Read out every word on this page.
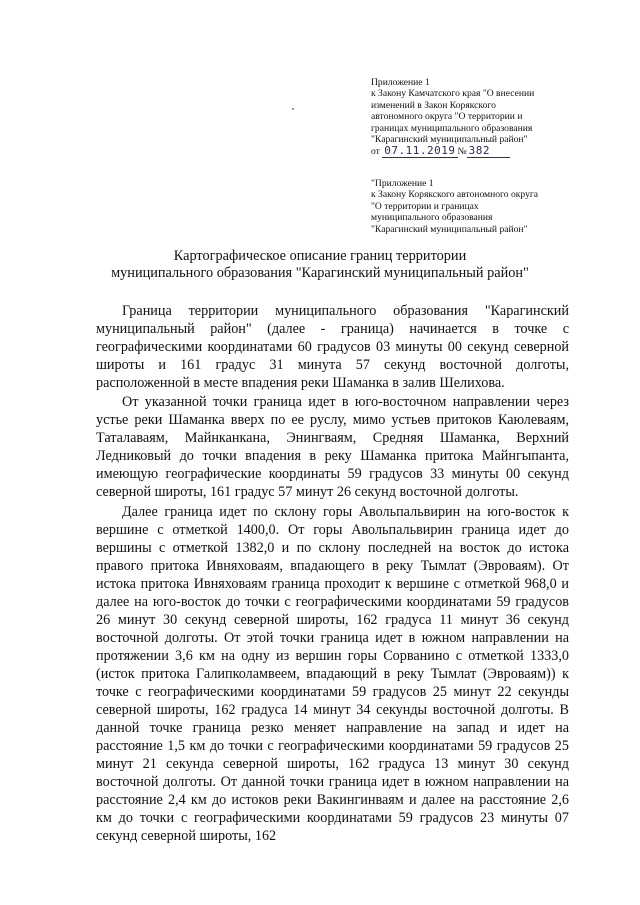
Приложение 1
к Закону Камчатского края "О внесении
изменений в Закон Корякского
автономного округа "О территории и
границах муниципального образования
"Карагинский муниципальный район"
от 07.11.2019 № 382
"Приложение 1
к Закону Корякского автономного округа
"О территории и границах
муниципального образования
"Карагинский муниципальный район"
Картографическое описание границ территории
муниципального образования "Карагинский муниципальный район"

Граница территории муниципального образования "Карагинский муниципальный район" (далее - граница) начинается в точке с географическими координатами 60 градусов 03 минуты 00 секунд северной широты и 161 градус 31 минута 57 секунд восточной долготы, расположенной в месте впадения реки Шаманка в залив Шелихова.

От указанной точки граница идет в юго-восточном направлении через устье реки Шаманка вверх по ее руслу, мимо устьев притоков Каюлеваям, Таталаваям, Майнканкана, Энингваям, Средняя Шаманка, Верхний Ледниковый до точки впадения в реку Шаманка притока Майнгыпанта, имеющую географические координаты 59 градусов 33 минуты 00 секунд северной широты, 161 градус 57 минут 26 секунд восточной долготы.

Далее граница идет по склону горы Авольпальвирин на юго-восток к вершине с отметкой 1400,0. От горы Авольпальвирин граница идет до вершины с отметкой 1382,0 и по склону последней на восток до истока правого притока Ивняховаям, впадающего в реку Тымлат (Эвроваям). От истока притока Ивняховаям граница проходит к вершине с отметкой 968,0 и далее на юго-восток до точки с географическими координатами 59 градусов 26 минут 30 секунд северной широты, 162 градуса 11 минут 36 секунд восточной долготы. От этой точки граница идет в южном направлении на протяжении 3,6 км на одну из вершин горы Сорванино с отметкой 1333,0 (исток притока Галипколамвеем, впадающий в реку Тымлат (Эвроваям)) к точке с географическими координатами 59 градусов 25 минут 22 секунды северной широты, 162 градуса 14 минут 34 секунды восточной долготы. В данной точке граница резко меняет направление на запад и идет на расстояние 1,5 км до точки с географическими координатами 59 градусов 25 минут 21 секунда северной широты, 162 градуса 13 минут 30 секунд восточной долготы. От данной точки граница идет в южном направлении на расстояние 2,4 км до истоков реки Вакингинваям и далее на расстояние 2,6 км до точки с географическими координатами 59 градусов 23 минуты 07 секунд северной широты, 162
